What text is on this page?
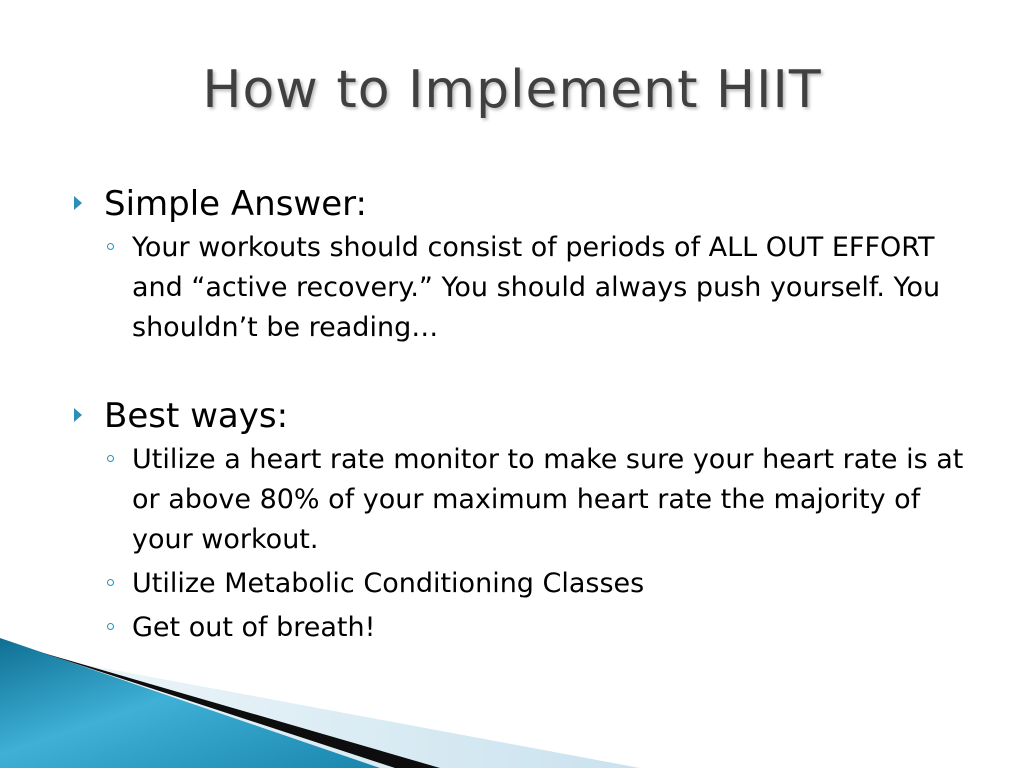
How to Implement HIIT
Simple Answer:
Your workouts should consist of periods of ALL OUT EFFORT and “active recovery.” You should always push yourself. You shouldn’t be reading…
Best ways:
Utilize a heart rate monitor to make sure your heart rate is at or above 80% of your maximum heart rate the majority of your workout.
Utilize Metabolic Conditioning Classes
Get out of breath!
